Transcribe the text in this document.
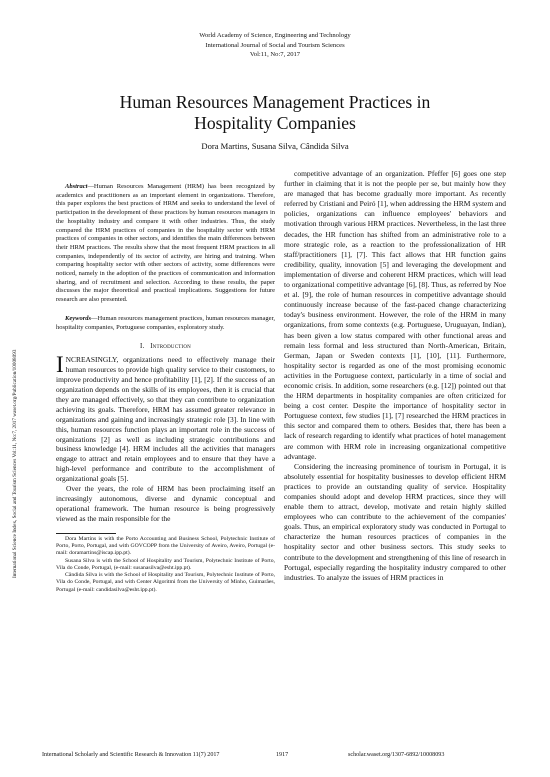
World Academy of Science, Engineering and Technology
International Journal of Social and Tourism Sciences
Vol:11, No:7, 2017
International Science Index, Social and Tourism Sciences Vol:11, No:7, 2017 waset.org/Publication/10008093
Human Resources Management Practices in
Hospitality Companies
Dora Martins, Susana Silva, Cândida Silva

Abstract—Human Resources Management (HRM) has been recognized by academics and practitioners as an important element in organizations. Therefore, this paper explores the best practices of HRM and seeks to understand the level of participation in the development of these practices by human resources managers in the hospitality industry and compare it with other industries. Thus, the study compared the HRM practices of companies in the hospitality sector with HRM practices of companies in other sectors, and identifies the main differences between their HRM practices. The results show that the most frequent HRM practices in all companies, independently of its sector of activity, are hiring and training. When comparing hospitality sector with other sectors of activity, some differences were noticed, namely in the adoption of the practices of communication and information sharing, and of recruitment and selection. According to these results, the paper discusses the major theoretical and practical implications. Suggestions for future research are also presented.

Keywords—Human resources management practices, human resources manager, hospitality companies, Portuguese companies, exploratory study.

I. Introduction

INCREASINGLY, organizations need to effectively manage their human resources to provide high quality service to their customers, to improve productivity and hence profitability [1], [2]. If the success of an organization depends on the skills of its employees, then it is crucial that they are managed effectively, so that they can contribute to organization achieving its goals. Therefore, HRM has assumed greater relevance in organizations and gaining and increasingly strategic role [3]. In line with this, human resources function plays an important role in the success of organizations [2] as well as including strategic contributions and business knowledge [4]. HRM includes all the activities that managers engage to attract and retain employees and to ensure that they have a high-level performance and contribute to the accomplishment of organizational goals [5].

Over the years, the role of HRM has been proclaiming itself an increasingly autonomous, diverse and dynamic conceptual and operational framework. The human resource is being progressively viewed as the main responsible for the

Dora Martins is with the Porto Accounting and Business School, Polytechnic Institute of Porto, Porto, Portugal, and with GOVCOPP from the University of Aveiro, Aveiro, Portugal (e-mail: doramartins@iscap.ipp.pt).

Susana Silva is with the School of Hospitality and Tourism, Polytechnic Institute of Porto, Vila do Conde, Portugal, (e-mail: susanasilva@esht.ipp.pt).

Cândida Silva is with the School of Hospitality and Tourism, Polytechnic Institute of Porto, Vila do Conde, Portugal, and with Center Algoritmi from the University of Minho, Guimarães, Portugal (e-mail: candidasilva@esht.ipp.pt).

competitive advantage of an organization. Pfeffer [6] goes one step further in claiming that it is not the people per se, but mainly how they are managed that has become gradually more important. As recently referred by Cristiani and Peiró [1], when addressing the HRM system and policies, organizations can influence employees' behaviors and motivation through various HRM practices. Nevertheless, in the last three decades, the HR function has shifted from an administrative role to a more strategic role, as a reaction to the professionalization of HR staff/practitioners [1], [7]. This fact allows that HR function gains credibility, quality, innovation [5] and leveraging the development and implementation of diverse and coherent HRM practices, which will lead to organizational competitive advantage [6], [8]. Thus, as referred by Noe et al. [9], the role of human resources in competitive advantage should continuously increase because of the fast-paced change characterizing today's business environment. However, the role of the HRM in many organizations, from some contexts (e.g. Portuguese, Uruguayan, Indian), has been given a low status compared with other functional areas and remain less formal and less structured than North-American, Britain, German, Japan or Sweden contexts [1], [10], [11]. Furthermore, hospitality sector is regarded as one of the most promising economic activities in the Portuguese context, particularly in a time of social and economic crisis. In addition, some researchers (e.g. [12]) pointed out that the HRM departments in hospitality companies are often criticized for being a cost center. Despite the importance of hospitality sector in Portuguese context, few studies [1], [7] researched the HRM practices in this sector and compared them to others. Besides that, there has been a lack of research regarding to identify what practices of hotel management are common with HRM role in increasing organizational competitive advantage.

Considering the increasing prominence of tourism in Portugal, it is absolutely essential for hospitality businesses to develop efficient HRM practices to provide an outstanding quality of service. Hospitality companies should adopt and develop HRM practices, since they will enable them to attract, develop, motivate and retain highly skilled employees who can contribute to the achievement of the companies' goals. Thus, an empirical exploratory study was conducted in Portugal to characterize the human resources practices of companies in the hospitality sector and other business sectors. This study seeks to contribute to the development and strengthening of this line of research in Portugal, especially regarding the hospitality industry compared to other industries. To analyze the issues of HRM practices in

International Scholarly and Scientific Research & Innovation 11(7) 2017	1917	scholar.waset.org/1307-6892/10008093
